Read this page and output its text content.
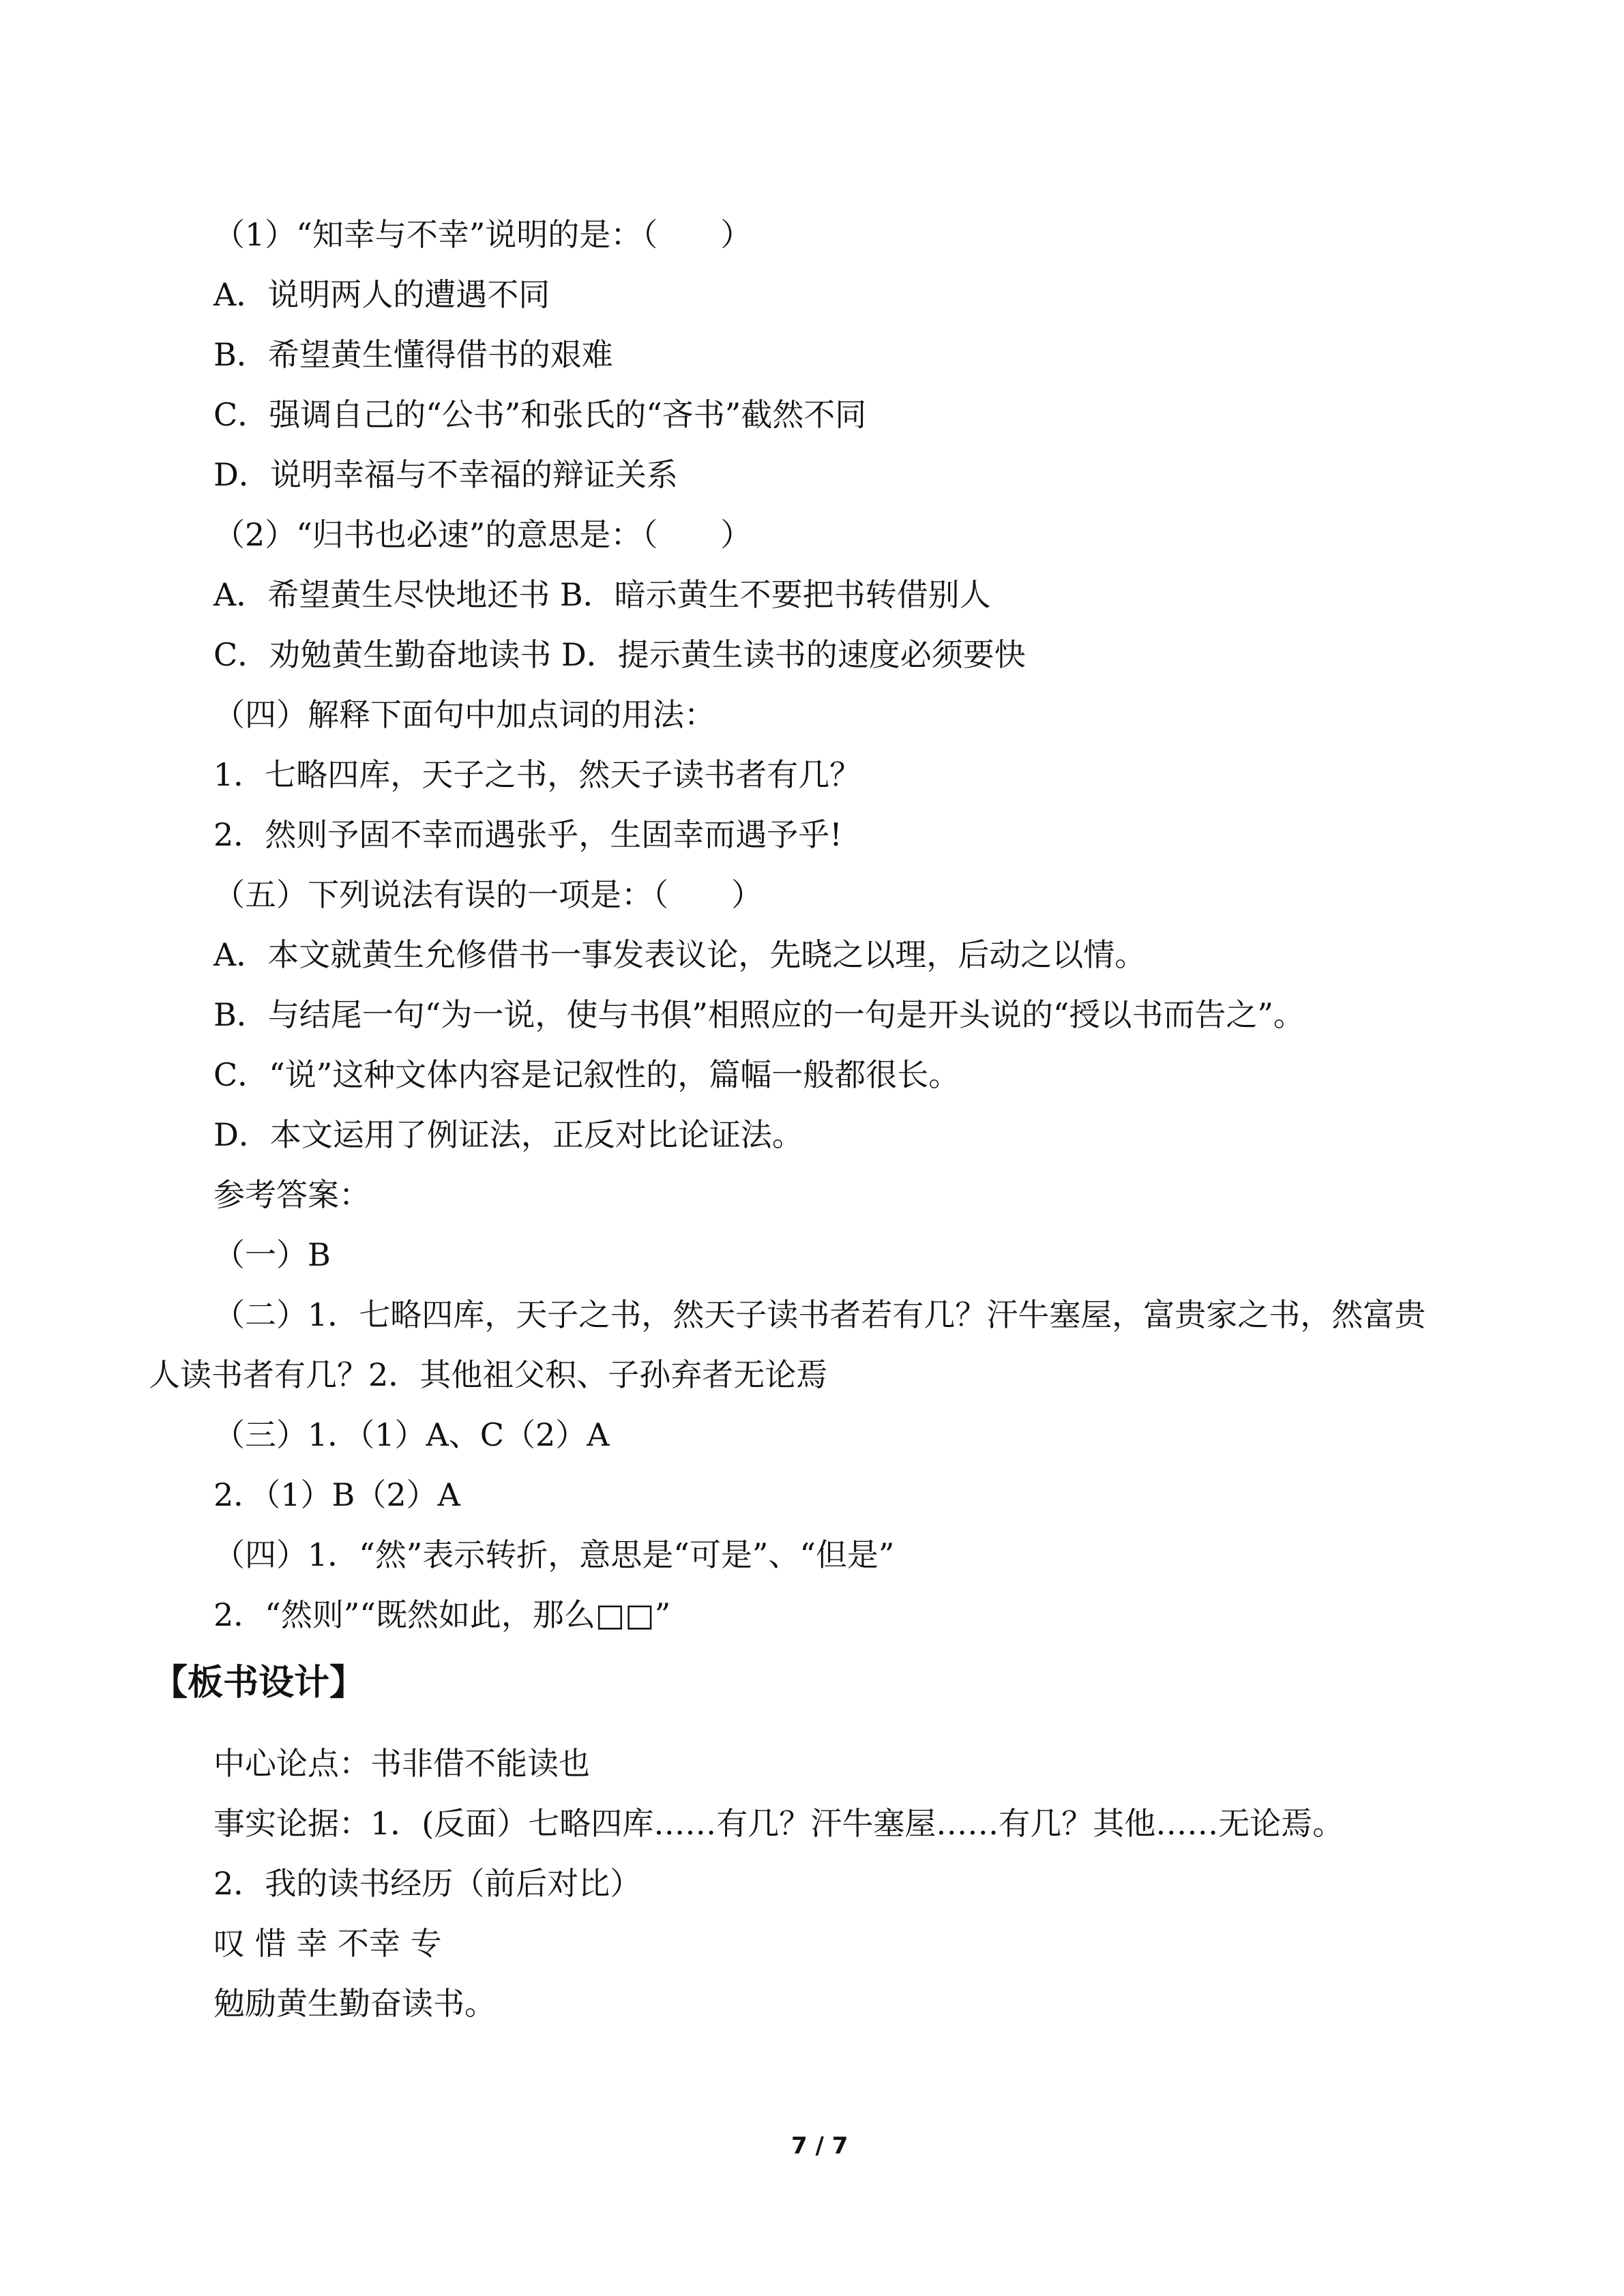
（1）“知幸与不幸”说明的是：（　　）
A．说明两人的遭遇不同
B．希望黄生懂得借书的艰难
C．强调自己的“公书”和张氏的“吝书”截然不同
D．说明幸福与不幸福的辩证关系
（2）“归书也必速”的意思是：（　　）
A．希望黄生尽快地还书 B．暗示黄生不要把书转借别人
C．劝勉黄生勤奋地读书 D．提示黄生读书的速度必须要快
（四）解释下面句中加点词的用法：
1．七略四库，天子之书，然天子读书者有几？
2．然则予固不幸而遇张乎，生固幸而遇予乎!
（五）下列说法有误的一项是：（　　）
A．本文就黄生允修借书一事发表议论，先晓之以理，后动之以情。
B．与结尾一句“为一说，使与书俱”相照应的一句是开头说的“授以书而告之”。
C．“说”这种文体内容是记叙性的，篇幅一般都很长。
D．本文运用了例证法，正反对比论证法。
参考答案：
（一）B
（二）1．七略四库，天子之书，然天子读书者若有几？汗牛塞屋，富贵家之书，然富贵
人读书者有几？2．其他祖父积、子孙弃者无论焉
（三）1．（1）A、C（2）A
2．（1）B（2）A
（四）1．“然”表示转折，意思是“可是”、“但是”
2．“然则”“既然如此，那么□□”
【板书设计】
中心论点：书非借不能读也
事实论据：1．(反面）七略四库……有几？汗牛塞屋……有几？其他……无论焉。
2．我的读书经历（前后对比）
叹 惜 幸 不幸 专
勉励黄生勤奋读书。
7 / 7
